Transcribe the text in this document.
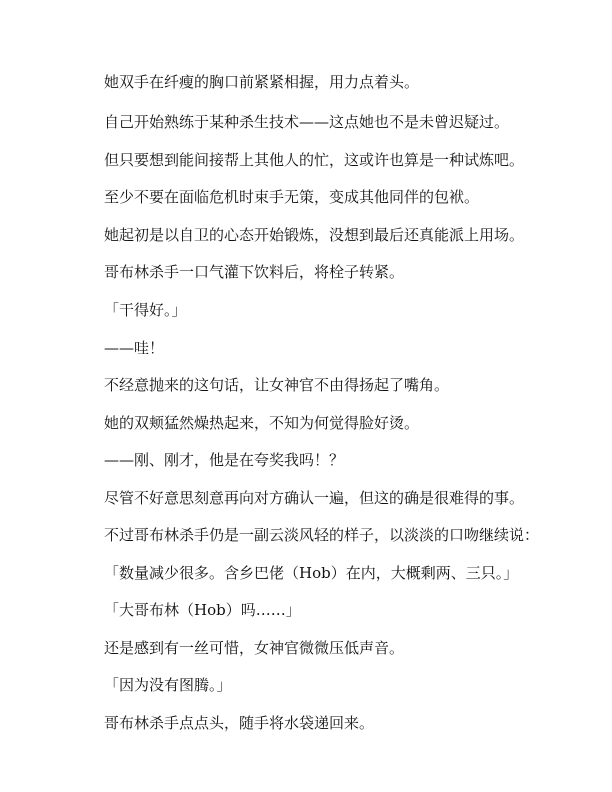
她双手在纤瘦的胸口前紧紧相握，用力点着头。
自己开始熟练于某种杀生技术——这点她也不是未曾迟疑过。
但只要想到能间接帮上其他人的忙，这或许也算是一种试炼吧。
至少不要在面临危机时束手无策，变成其他同伴的包袱。
她起初是以自卫的心态开始锻炼，没想到最后还真能派上用场。
哥布林杀手一口气灌下饮料后，将栓子转紧。
「干得好。」
——哇！
不经意抛来的这句话，让女神官不由得扬起了嘴角。
她的双颊猛然燥热起来，不知为何觉得脸好烫。
——刚、刚才，他是在夸奖我吗！？
尽管不好意思刻意再向对方确认一遍，但这的确是很难得的事。
不过哥布林杀手仍是一副云淡风轻的样子，以淡淡的口吻继续说：
「数量减少很多。含乡巴佬（Hob）在内，大概剩两、三只。」
「大哥布林（Hob）吗……」
还是感到有一丝可惜，女神官微微压低声音。
「因为没有图腾。」
哥布林杀手点点头，随手将水袋递回来。
